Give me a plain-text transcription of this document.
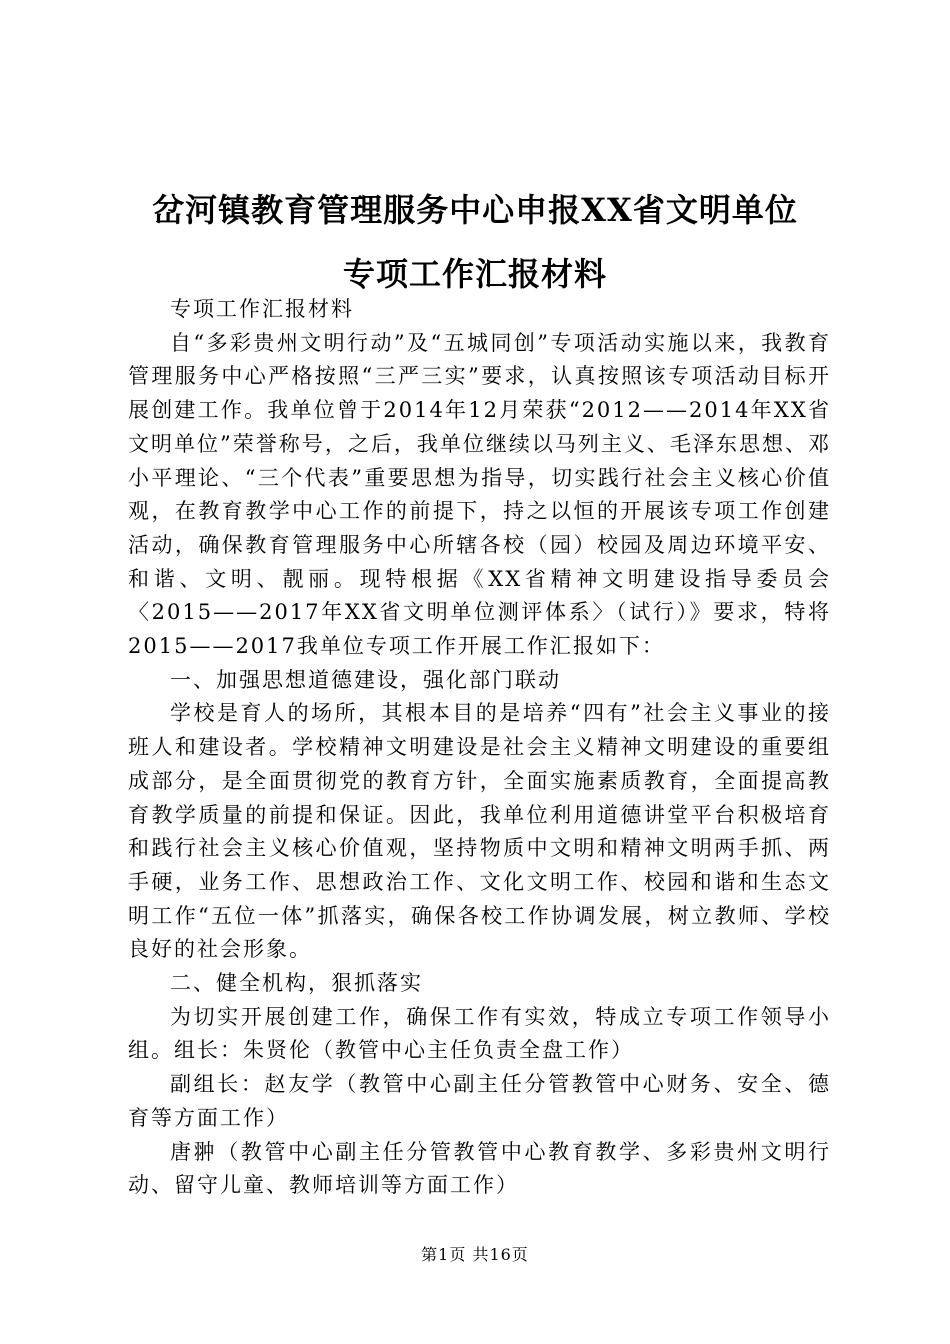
岔河镇教育管理服务中心申报XX省文明单位
专项工作汇报材料

专项工作汇报材料

自“多彩贵州文明行动”及“五城同创”专项活动实施以来，我教育管理服务中心严格按照“三严三实”要求，认真按照该专项活动目标开展创建工作。我单位曾于2014年12月荣获“2012——2014年XX省文明单位”荣誉称号，之后，我单位继续以马列主义、毛泽东思想、邓小平理论、“三个代表”重要思想为指导，切实践行社会主义核心价值观，在教育教学中心工作的前提下，持之以恒的开展该专项工作创建活动，确保教育管理服务中心所辖各校（园）校园及周边环境平安、和谐、文明、靓丽。现特根据《XX省精神文明建设指导委员会〈2015——2017年XX省文明单位测评体系〉（试行）》要求，特将2015——2017我单位专项工作开展工作汇报如下：

一、加强思想道德建设，强化部门联动

学校是育人的场所，其根本目的是培养“四有”社会主义事业的接班人和建设者。学校精神文明建设是社会主义精神文明建设的重要组成部分，是全面贯彻党的教育方针，全面实施素质教育，全面提高教育教学质量的前提和保证。因此，我单位利用道德讲堂平台积极培育和践行社会主义核心价值观，坚持物质中文明和精神文明两手抓、两手硬，业务工作、思想政治工作、文化文明工作、校园和谐和生态文明工作“五位一体”抓落实，确保各校工作协调发展，树立教师、学校良好的社会形象。

二、健全机构，狠抓落实

为切实开展创建工作，确保工作有实效，特成立专项工作领导小组。组长：朱贤伦（教管中心主任负责全盘工作）

副组长：赵友学（教管中心副主任分管教管中心财务、安全、德育等方面工作）

唐翀（教管中心副主任分管教管中心教育教学、多彩贵州文明行动、留守儿童、教师培训等方面工作）

第1页 共16页
